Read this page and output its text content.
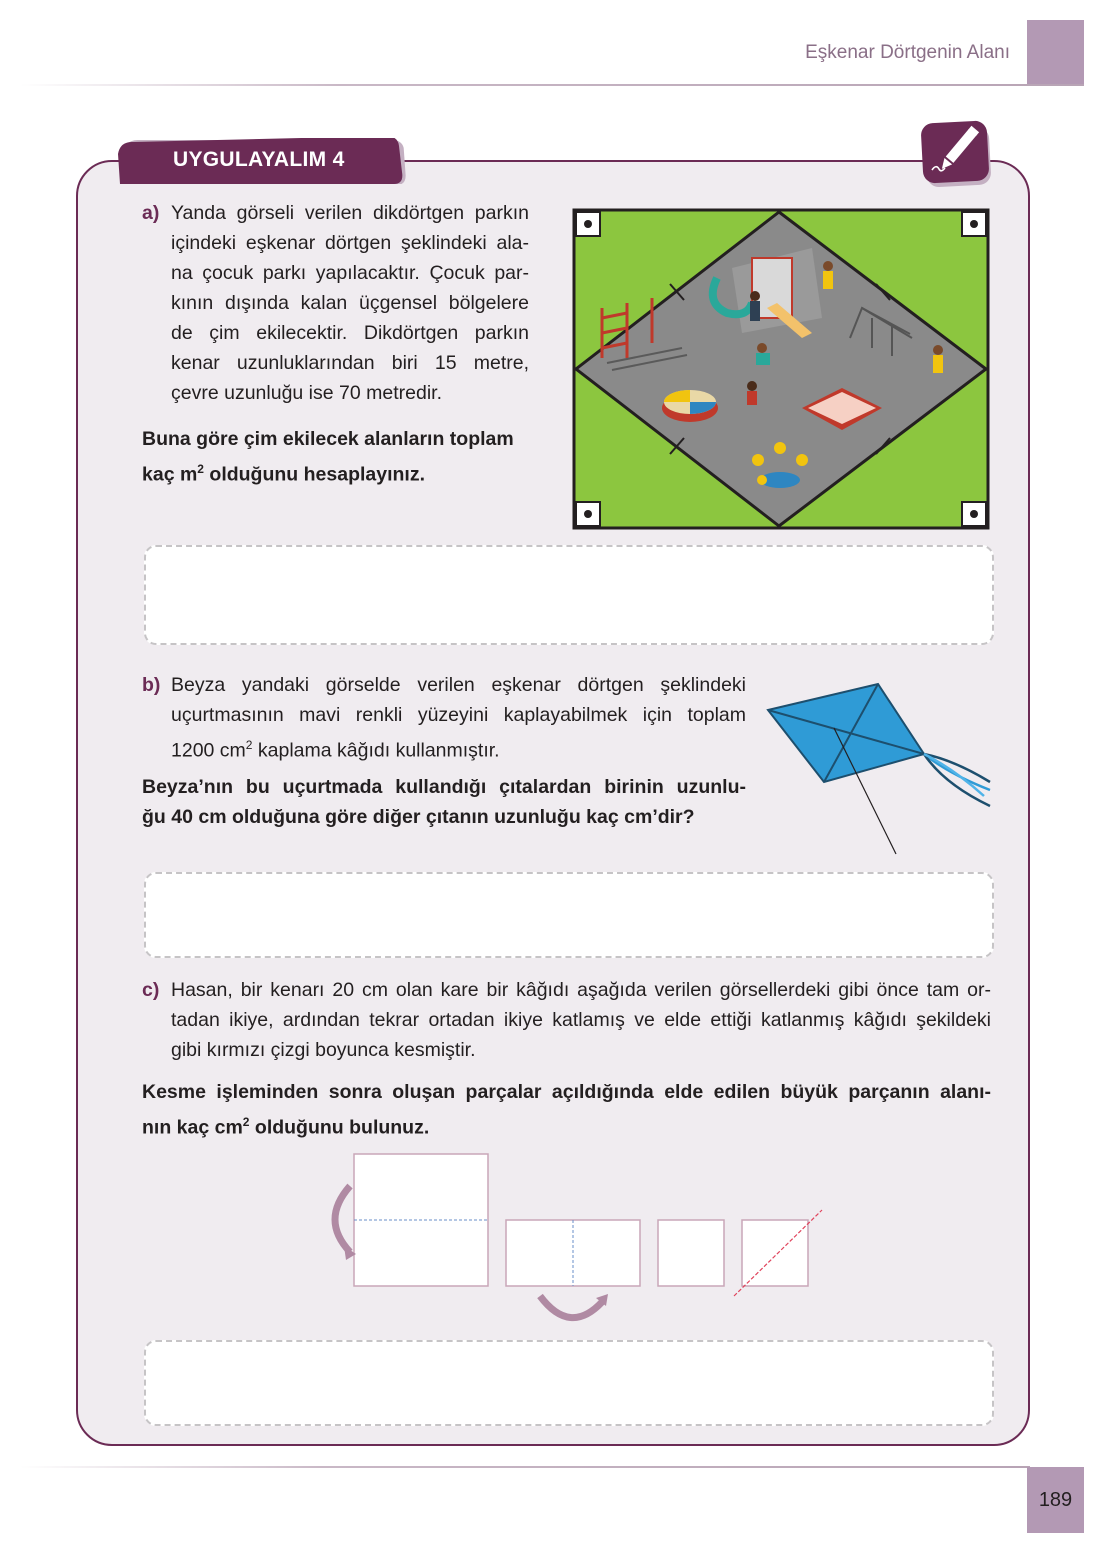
Eşkenar Dörtgenin Alanı
UYGULAYALIM 4
a) Yanda görseli verilen dikdörtgen parkın

içindeki eşkenar dörtgen şeklindeki ala-

na çocuk parkı yapılacaktır. Çocuk par-

kının dışında kalan üçgensel bölgelere

de çim ekilecektir. Dikdörtgen parkın

kenar uzunluklarından biri 15 metre,

çevre uzunluğu ise 70 metredir.

Buna göre çim ekilecek alanların toplam
kaç $m^2$ olduğunu hesaplayınız.
b) Beyza yandaki görselde verilen eşkenar dörtgen şeklindeki

uçurtmasının mavi renkli yüzeyini kaplayabilmek için toplam

1200 $cm^2$ kaplama kâğıdı kullanmıştır.

Beyza’nın bu uçurtmada kullandığı çıtalardan birinin uzunlu-

ğu 40 cm olduğuna göre diğer çıtanın uzunluğu kaç cm’dir?

c) Hasan, bir kenarı 20 cm olan kare bir kâğıdı aşağıda verilen görsellerdeki gibi önce tam or-

tadan ikiye, ardından tekrar ortadan ikiye katlamış ve elde ettiği katlanmış kâğıdı şekildeki

gibi kırmızı çizgi boyunca kesmiştir.

Kesme işleminden sonra oluşan parçalar açıldığında elde edilen büyük parçanın alanı-

nın kaç $cm^2$ olduğunu bulunuz.

189
